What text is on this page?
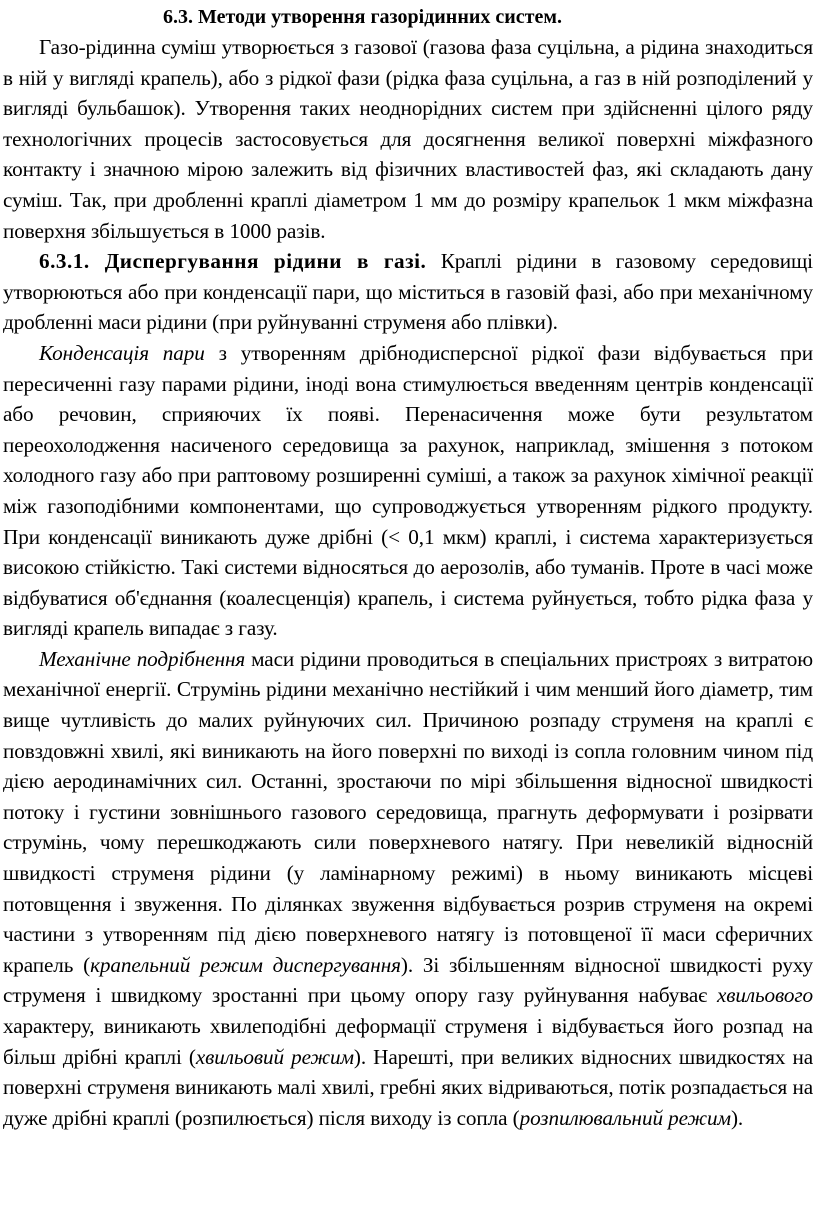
6.3. Методи утворення газорідинних систем.

Газо-рідинна суміш утворюється з газової (газова фаза суцільна, а рідина знаходиться в ній у вигляді крапель), або з рідкої фази (рідка фаза суцільна, а газ в ній розподілений у вигляді бульбашок). Утворення таких неоднорідних систем при здійсненні цілого ряду технологічних процесів застосовується для досягнення великої поверхні міжфазного контакту і значною мірою залежить від фізичних властивостей фаз, які складають дану суміш. Так, при дробленні краплі діаметром 1 мм до розміру крапельок 1 мкм міжфазна поверхня збільшується в 1000 разів.

6.3.1. Диспергування рідини в газі. Краплі рідини в газовому середовищі утворюються або при конденсації пари, що міститься в газовій фазі, або при механічному дробленні маси рідини (при руйнуванні струменя або плівки).

Конденсація пари з утворенням дрібнодисперсної рідкої фази відбувається при пересиченні газу парами рідини, іноді вона стимулюється введенням центрів конденсації або речовин, сприяючих їх появі. Перенасичення може бути результатом переохолодження насиченого середовища за рахунок, наприклад, змішення з потоком холодного газу або при раптовому розширенні суміші, а також за рахунок хімічної реакції між газоподібними компонентами, що супроводжується утворенням рідкого продукту. При конденсації виникають дуже дрібні (< 0,1 мкм) краплі, і система характеризується високою стійкістю. Такі системи відносяться до аерозолів, або туманів. Проте в часі може відбуватися об'єднання (коалесценція) крапель, і система руйнується, тобто рідка фаза у вигляді крапель випадає з газу.

Механічне подрібнення маси рідини проводиться в спеціальних пристроях з витратою механічної енергії. Струмінь рідини механічно нестійкий і чим менший його діаметр, тим вище чутливість до малих руйнуючих сил. Причиною розпаду струменя на краплі є повздовжні хвилі, які виникають на його поверхні по виході із сопла головним чином під дією аеродинамічних сил. Останні, зростаючи по мірі збільшення відносної швидкості потоку і густини зовнішнього газового середовища, прагнуть деформувати і розірвати струмінь, чому перешкоджають сили поверхневого натягу. При невеликій відносній швидкості струменя рідини (у ламінарному режимі) в ньому виникають місцеві потовщення і звуження. По ділянках звуження відбувається розрив струменя на окремі частини з утворенням під дією поверхневого натягу із потовщеної її маси сферичних крапель (крапельний режим диспергування). Зі збільшенням відносної швидкості руху струменя і швидкому зростанні при цьому опору газу руйнування набуває хвильового характеру, виникають хвилеподібні деформації струменя і відбувається його розпад на більш дрібні краплі (хвильовий режим). Нарешті, при великих відносних швидкостях на поверхні струменя виникають малі хвилі, гребні яких відриваються, потік розпадається на дуже дрібні краплі (розпилюється) після виходу із сопла (розпилювальний режим).
